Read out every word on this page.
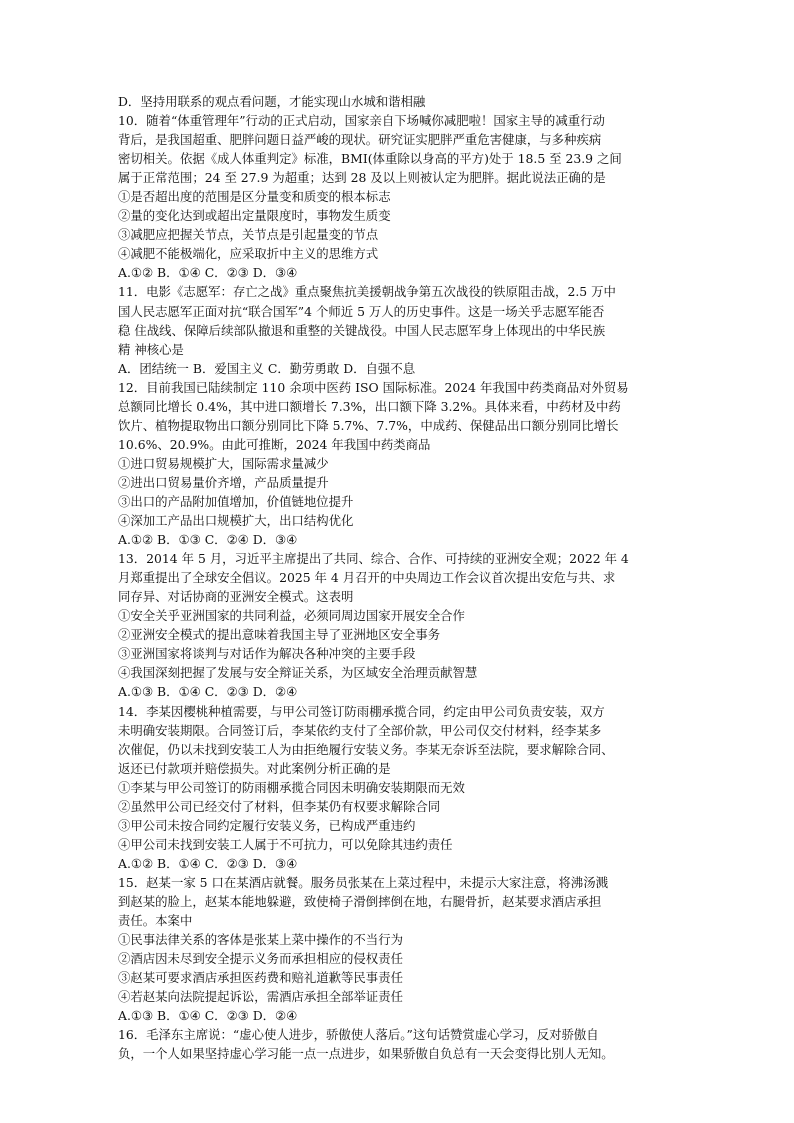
D．坚持用联系的观点看问题，才能实现山水城和谐相融
10．随着“体重管理年”行动的正式启动，国家亲自下场喊你减肥啦！国家主导的减重行动
背后，是我国超重、肥胖问题日益严峻的现状。研究证实肥胖严重危害健康，与多种疾病
密切相关。依据《成人体重判定》标准，BMI(体重除以身高的平方)处于 18.5 至 23.9 之间
属于正常范围；24 至 27.9 为超重；达到 28 及以上则被认定为肥胖。据此说法正确的是
①是否超出度的范围是区分量变和质变的根本标志
②量的变化达到或超出定量限度时，事物发生质变
③减肥应把握关节点，关节点是引起量变的节点
④减肥不能极端化，应采取折中主义的思维方式
A.①② B．①④ C．②③ D．③④
11．电影《志愿军：存亡之战》重点聚焦抗美援朝战争第五次战役的铁原阻击战，2.5 万中
国人民志愿军正面对抗“联合国军”4 个师近 5 万人的历史事件。这是一场关乎志愿军能否
稳 住战线、保障后续部队撤退和重整的关键战役。中国人民志愿军身上体现出的中华民族
精 神核心是
A．团结统一 B．爱国主义 C．勤劳勇敢 D．自强不息
12．目前我国已陆续制定 110 余项中医药 ISO 国际标准。2024 年我国中药类商品对外贸易
总额同比增长 0.4%，其中进口额增长 7.3%，出口额下降 3.2%。具体来看，中药材及中药
饮片、植物提取物出口额分别同比下降 5.7%、7.7%，中成药、保健品出口额分别同比增长
10.6%、20.9%。由此可推断，2024 年我国中药类商品
①进口贸易规模扩大，国际需求量减少
②进出口贸易量价齐增，产品质量提升
③出口的产品附加值增加，价值链地位提升
④深加工产品出口规模扩大，出口结构优化
A.①② B．①③ C．②④ D．③④
13．2014 年 5 月，习近平主席提出了共同、综合、合作、可持续的亚洲安全观；2022 年 4
月郑重提出了全球安全倡议。2025 年 4 月召开的中央周边工作会议首次提出安危与共、求
同存异、对话协商的亚洲安全模式。这表明
①安全关乎亚洲国家的共同利益，必须同周边国家开展安全合作
②亚洲安全模式的提出意味着我国主导了亚洲地区安全事务
③亚洲国家将谈判与对话作为解决各种冲突的主要手段
④我国深刻把握了发展与安全辩证关系，为区域安全治理贡献智慧
A.①③ B．①④ C．②③ D．②④
14．李某因樱桃种植需要，与甲公司签订防雨棚承揽合同，约定由甲公司负责安装，双方
未明确安装期限。合同签订后，李某依约支付了全部价款，甲公司仅交付材料，经李某多
次催促，仍以未找到安装工人为由拒绝履行安装义务。李某无奈诉至法院，要求解除合同、
返还已付款项并赔偿损失。对此案例分析正确的是
①李某与甲公司签订的防雨棚承揽合同因未明确安装期限而无效
②虽然甲公司已经交付了材料，但李某仍有权要求解除合同
③甲公司未按合同约定履行安装义务，已构成严重违约
④甲公司未找到安装工人属于不可抗力，可以免除其违约责任
A.①② B．①④ C．②③ D．③④
15．赵某一家 5 口在某酒店就餐。服务员张某在上菜过程中，未提示大家注意，将沸汤溅
到赵某的脸上，赵某本能地躲避，致使椅子滑倒摔倒在地，右腿骨折，赵某要求酒店承担
责任。本案中
①民事法律关系的客体是张某上菜中操作的不当行为
②酒店因未尽到安全提示义务而承担相应的侵权责任
③赵某可要求酒店承担医药费和赔礼道歉等民事责任
④若赵某向法院提起诉讼，需酒店承担全部举证责任
A.①③ B．①④ C．②③ D．②④
16．毛泽东主席说：“虚心使人进步，骄傲使人落后。”这句话赞赏虚心学习，反对骄傲自
负，一个人如果坚持虚心学习能一点一点进步，如果骄傲自负总有一天会变得比别人无知。
